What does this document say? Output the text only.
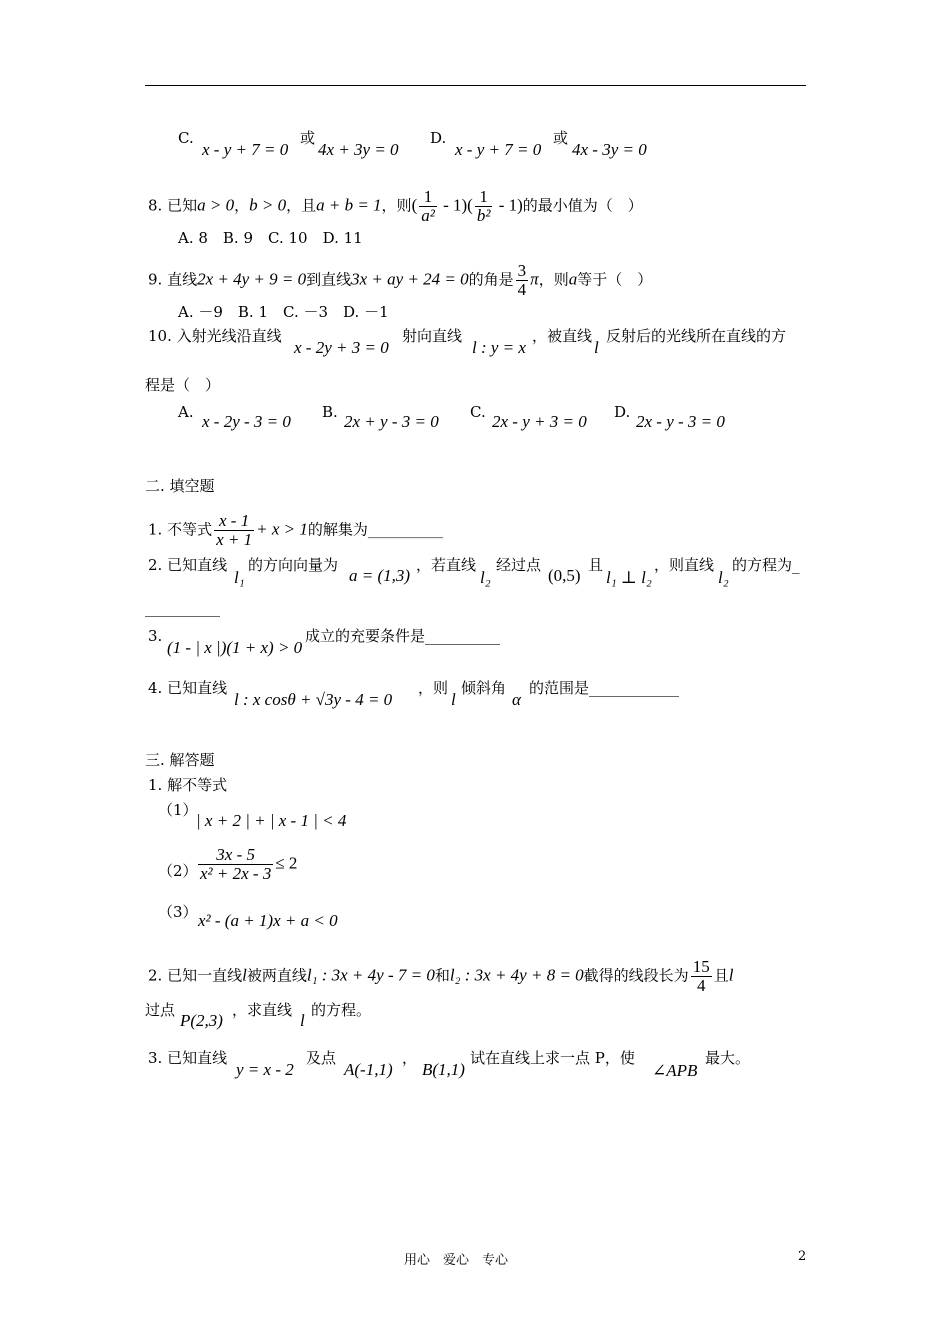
C.
x - y + 7 = 0
或
4x + 3y = 0
D.
x - y + 7 = 0
或
4x - 3y = 0
8. 已知a > 0，b > 0，且a + b = 1，则( $\frac{1}{\text{a²}} - 1)( \frac{1}{\text{b²}} - 1)$的最小值为（　）
A. 8　B. 9　C. 10　D. 11
9. 直线2x + 4y + 9 = 0到直线3x + ay + 24 = 0的角是 $\frac{3}{4}$ π，则a等于（　）
A. －9　B. 1　C. －3　D. －1
10. 入射光线沿直线
x - 2y + 3 = 0
射向直线
l : y = x
，被直线
l
反射后的光线所在直线的方
程是（　）
A. x - 2y - 3 = 0 B. 2x + y - 3 = 0 C. 2x - y + 3 = 0 D. 2x - y - 3 = 0
二. 填空题
1. 不等式 $\frac{x - 1}{x + 1} + x > 1$的解集为__________
2. 已知直线
l₁
的方向向量为
a = (1,3)
，若直线
l₂
经过点
(0,5)
且
l₁ ⊥ l₂
，则直线
l₂
的方程为_
__________
3.
(1 - | x |)(1 + x) > 0
成立的充要条件是__________
4. 已知直线
l : x cosθ + √3y - 4 = 0
，则
l
倾斜角
α
的范围是____________
三. 解答题
1. 解不等式
（1）
| x + 2 | + | x - 1 | < 4
$(2) \frac{3x - 5}{\text{x² + 2x - 3}} \le 2$
（3） x² - (a + 1)x + a < 0
2. 已知一直线l被两直线l₁ : 3x + 4y - 7 = 0和l₂ : 3x + 4y + 8 = 0截得的线段长为 $\frac{15}{4}$ 且l
过点
P(2,3)
，求直线
l
的方程。
3. 已知直线
y = x - 2
及点
A(-1,1)
，
B(1,1)
试在直线上求一点 P，使
∠APB
最大。
用心　爱心　专心	2
